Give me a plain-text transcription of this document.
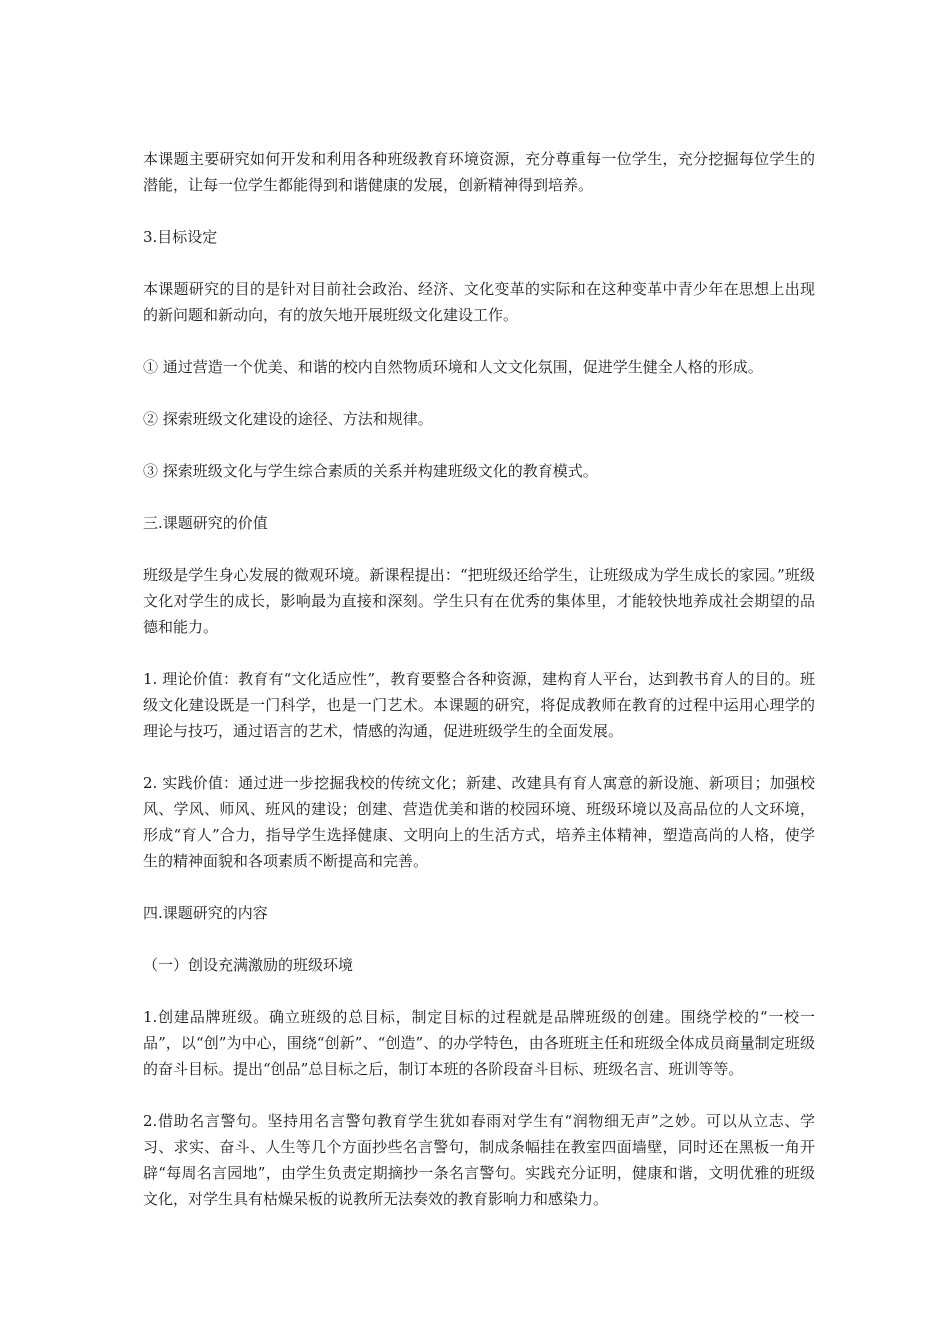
本课题主要研究如何开发和利用各种班级教育环境资源，充分尊重每一位学生，充分挖掘每位学生的潜能，让每一位学生都能得到和谐健康的发展，创新精神得到培养。

3.目标设定

本课题研究的目的是针对目前社会政治、经济、文化变革的实际和在这种变革中青少年在思想上出现的新问题和新动向，有的放矢地开展班级文化建设工作。

① 通过营造一个优美、和谐的校内自然物质环境和人文文化氛围，促进学生健全人格的形成。

② 探索班级文化建设的途径、方法和规律。

③ 探索班级文化与学生综合素质的关系并构建班级文化的教育模式。

三.课题研究的价值

班级是学生身心发展的微观环境。新课程提出：“把班级还给学生，让班级成为学生成长的家园。”班级文化对学生的成长，影响最为直接和深刻。学生只有在优秀的集体里，才能较快地养成社会期望的品德和能力。

1. 理论价值：教育有“文化适应性”，教育要整合各种资源，建构育人平台，达到教书育人的目的。班级文化建设既是一门科学，也是一门艺术。本课题的研究，将促成教师在教育的过程中运用心理学的理论与技巧，通过语言的艺术，情感的沟通，促进班级学生的全面发展。

2. 实践价值：通过进一步挖掘我校的传统文化；新建、改建具有育人寓意的新设施、新项目；加强校风、学风、师风、班风的建设；创建、营造优美和谐的校园环境、班级环境以及高品位的人文环境，形成“育人”合力，指导学生选择健康、文明向上的生活方式，培养主体精神，塑造高尚的人格，使学生的精神面貌和各项素质不断提高和完善。

四.课题研究的内容

（一）创设充满激励的班级环境

1.创建品牌班级。确立班级的总目标，制定目标的过程就是品牌班级的创建。围绕学校的“一校一品”，以“创”为中心，围绕“创新”、“创造”、的办学特色，由各班班主任和班级全体成员商量制定班级的奋斗目标。提出“创品”总目标之后，制订本班的各阶段奋斗目标、班级名言、班训等等。

2.借助名言警句。坚持用名言警句教育学生犹如春雨对学生有“润物细无声”之妙。可以从立志、学习、求实、奋斗、人生等几个方面抄些名言警句，制成条幅挂在教室四面墙壁，同时还在黑板一角开辟“每周名言园地”，由学生负责定期摘抄一条名言警句。实践充分证明，健康和谐，文明优雅的班级文化，对学生具有枯燥呆板的说教所无法奏效的教育影响力和感染力。
